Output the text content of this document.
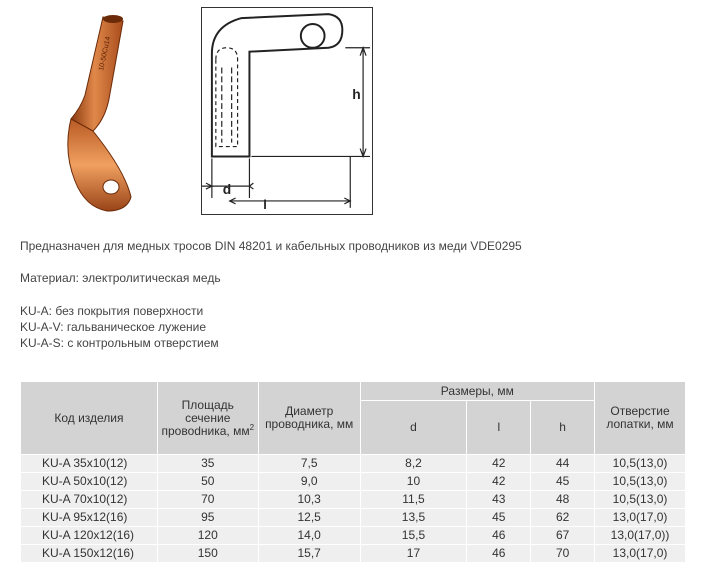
10-50Cu14
h
d
l
Предназначен для медных тросов DIN 48201 и кабельных проводников из меди VDE0295
Материал: электролитическая медь
KU-A: без покрытия поверхности
KU-A-V: гальваническое лужение
KU-A-S: с контрольным отверстием
Код изделия	Площадь сечение провоdника, $мм^2$	Диаметр проводника, мм	Размеры, мм			Отверстие лопатки, мм
			d	l	h	
KU-A 35x10(12)	35	7,5	8,2	42	44	10,5(13,0)
KU-A 50x10(12)	50	9,0	10	42	45	10,5(13,0)
KU-A 70x10(12)	70	10,3	11,5	43	48	10,5(13,0)
KU-A 95x12(16)	95	12,5	13,5	45	62	13,0(17,0)
KU-A 120x12(16)	120	14,0	15,5	46	67	13,0(17,0))
KU-A 150x12(16)	150	15,7	17	46	70	13,0(17,0)
